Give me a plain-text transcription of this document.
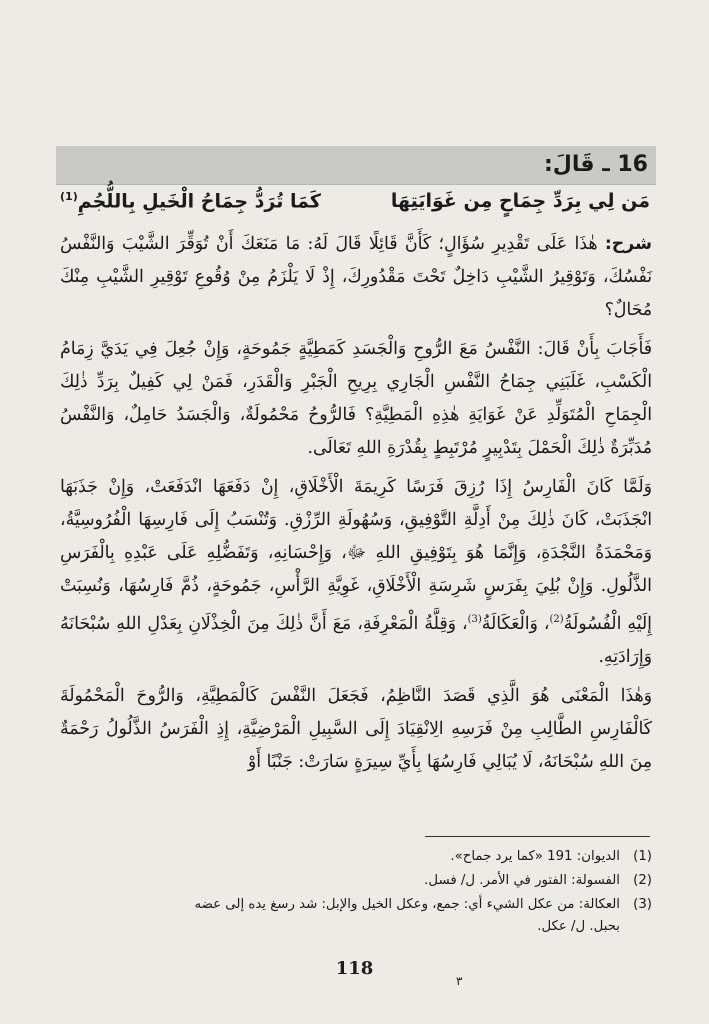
16 ـ قَالَ:
مَن لِي بِرَدِّ جِمَاحٍ مِن غَوَايَتِهَا
كَمَا تُرَدُّ جِمَاحُ الْخَيلِ بِاللُّجُمِ$^{(1)}$

شرح: هٰذَا عَلَى تَقْدِيرِ سُؤَالٍ؛ كَأَنَّ قَائِلًا قَالَ لَهُ: مَا مَنَعَكَ أَنْ تُوَقِّرَ الشَّيْبَ وَالنَّفْسُ نَفْسُكَ، وَتَوْقِيرُ الشَّيْبِ دَاخِلٌ تَحْتَ مَقْدُورِكَ، إِذْ لَا يَلْزَمُ مِنْ وُقُوعِ تَوْقِيرِ الشَّيْبِ مِنْكَ مُحَالٌ؟

فَأَجَابَ بِأَنْ قَالَ: النَّفْسُ مَعَ الرُّوحِ وَالْجَسَدِ كَمَطِيَّةٍ جَمُوحَةٍ، وَإِنْ جُعِلَ فِي يَدَيَّ زِمَامُ الْكَسْبِ، غَلَبَنِي جِمَاحُ النَّفْسِ الْجَارِي بِرِيحِ الْجَبْرِ وَالْقَدَرِ، فَمَنْ لِي كَفِيلٌ بِرَدِّ ذٰلِكَ الْجِمَاحِ الْمُتَوَلِّدِ عَنْ غَوَايَةِ هٰذِهِ الْمَطِيَّةِ؟ فَالرُّوحُ مَحْمُولَةٌ، وَالْجَسَدُ حَامِلٌ، وَالنَّفْسُ مُدَبِّرَةٌ ذٰلِكَ الْحَمْلَ بِتَدْبِيرٍ مُرْتَبِطٍ بِقُدْرَةِ اللهِ تَعَالَى.

وَلَمَّا كَانَ الْفَارِسُ إِذَا رُزِقَ فَرَسًا كَرِيمَةَ الْأَخْلَاقِ، إِنْ دَفَعَهَا انْدَفَعَتْ، وَإِنْ جَذَبَهَا انْجَذَبَتْ، كَانَ ذٰلِكَ مِنْ أَدِلَّةِ التَّوْفِيقِ، وَسُهُولَةِ الرِّزْقِ. وَتُنْسَبُ إِلَى فَارِسِهَا الْفُرُوسِيَّةُ، وَمَحْمَدَةُ النَّجْدَةِ، وَإِنَّمَا هُوَ بِتَوْفِيقِ اللهِ ﷻ، وَإِحْسَانِهِ، وَتَفَضُّلِهِ عَلَى عَبْدِهِ بِالْفَرَسِ الذَّلُولِ. وَإِنْ بُلِيَ بِفَرَسٍ شَرِسَةِ الْأَخْلَاقِ، غَوِيَّةِ الرَّأْسِ، جَمُوحَةٍ، ذُمَّ فَارِسُهَا، وَنُسِبَتْ إِلَيْهِ الْفُسُولَةُ$^{(2)}$، وَالْعَكَالَةُ$^{(3)}$، وَقِلَّةُ الْمَعْرِفَةِ، مَعَ أَنَّ ذٰلِكَ مِنَ الْخِذْلَانِ بِعَدْلِ اللهِ سُبْحَانَهُ وَإِرَادَتِهِ.

وَهٰذَا الْمَعْنَى هُوَ الَّذِي قَصَدَ النَّاظِمُ، فَجَعَلَ النَّفْسَ كَالْمَطِيَّةِ، وَالرُّوحَ الْمَحْمُولَةَ كَالْفَارِسِ الطَّالِبِ مِنْ فَرَسِهِ الِانْقِيَادَ إِلَى السَّبِيلِ الْمَرْضِيَّةِ، إِذِ الْفَرَسُ الذَّلُولُ رَحْمَةٌ مِنَ اللهِ سُبْحَانَهُ، لَا يُبَالِي فَارِسُهَا بِأَيِّ سِيرَةٍ سَارَتْ: جَنْبًا أَوْ

(1)الديوان: 191 «كما يرد جماح».
(2)الفسولة: الفتور في الأمر. ل/ فسل.
(3)العكالة: من عكل الشيء أي: جمع، وعكل الخيل والإبل: شد رسغ يده إلى عضه
بحبل. ل/ عكل.
118
٣
